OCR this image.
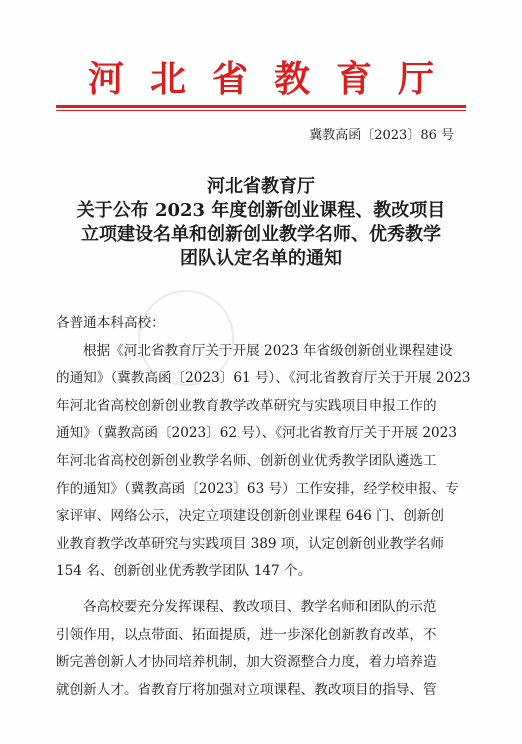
河北省教育厅
冀教高函〔2023〕86 号
河北省教育厅
关于公布 2023 年度创新创业课程、教改项目
立项建设名单和创新创业教学名师、优秀教学
团队认定名单的通知
各普通本科高校：
根据《河北省教育厅关于开展 2023 年省级创新创业课程建设
的通知》（冀教高函〔2023〕61 号）、《河北省教育厅关于开展 2023
年河北省高校创新创业教育教学改革研究与实践项目申报工作的
通知》（冀教高函〔2023〕62 号）、《河北省教育厅关于开展 2023
年河北省高校创新创业教学名师、创新创业优秀教学团队遴选工
作的通知》（冀教高函〔2023〕63 号）工作安排，经学校申报、专
家评审、网络公示，决定立项建设创新创业课程 646 门、创新创
业教育教学改革研究与实践项目 389 项，认定创新创业教学名师
154 名、创新创业优秀教学团队 147 个。
各高校要充分发挥课程、教改项目、教学名师和团队的示范
引领作用，以点带面、拓面提质，进一步深化创新教育改革，不
断完善创新人才协同培养机制，加大资源整合力度，着力培养造
就创新人才。省教育厅将加强对立项课程、教改项目的指导、管
